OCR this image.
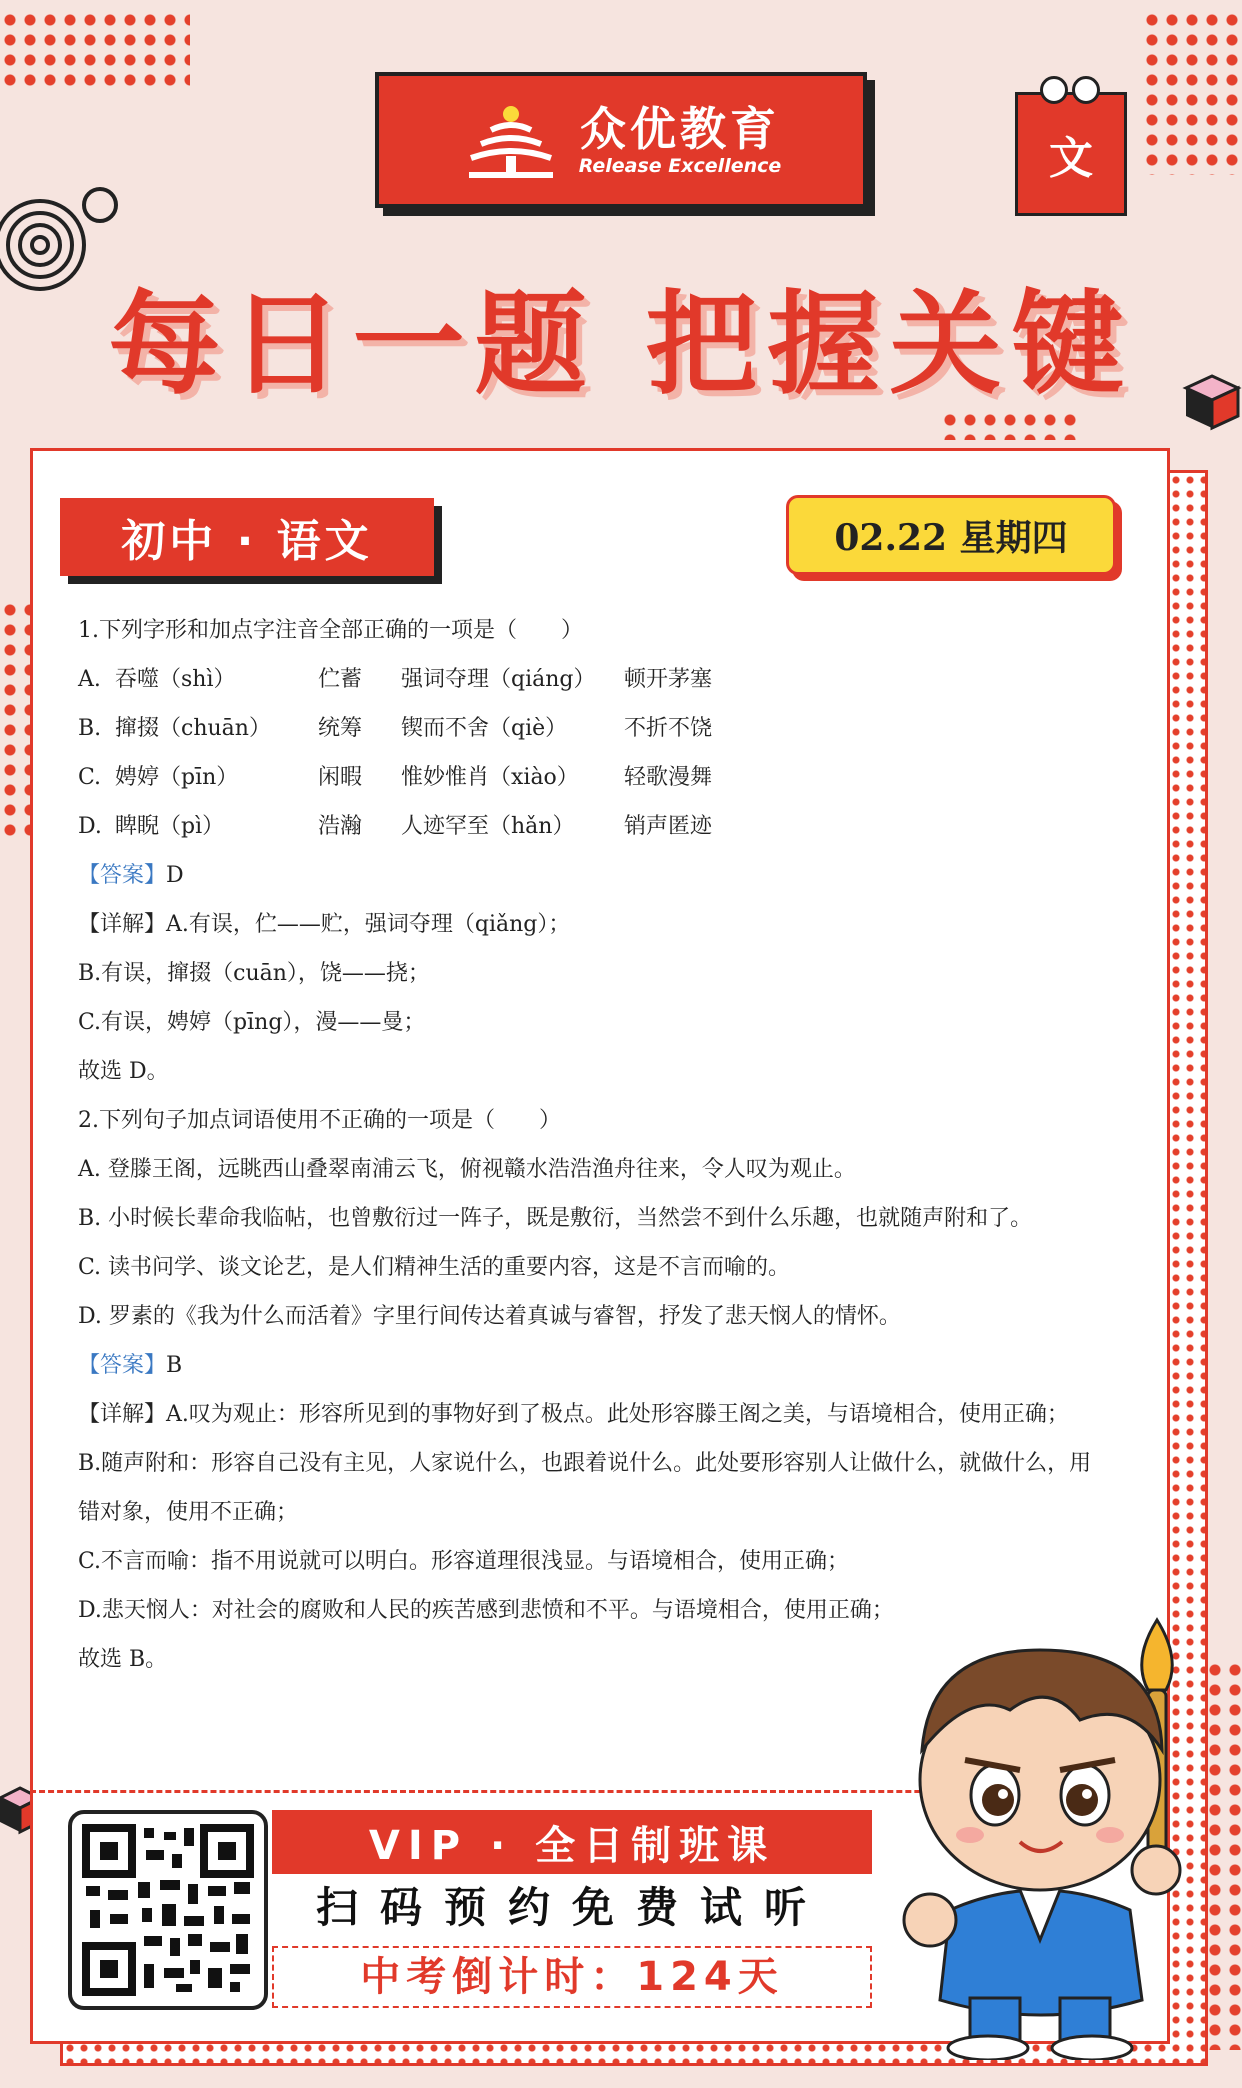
众优教育
Release Excellence	文
每日一题 把握关键
初中 · 语文	02.22 星期四
1.下列字形和加点字注音全部正确的一项是（　　）
A. 吞噬（shì）	伫蓄 强词夺理（qiáng） 顿开茅塞
B. 撺掇（chuān） 统筹 锲而不舍（qiè）	不折不饶
C. 娉婷（pīn）	闲暇 惟妙惟肖（xiào） 轻歌漫舞
D. 睥睨（pì）	浩瀚 人迹罕至（hǎn） 销声匿迹
【答案】D
【详解】A.有误，伫——贮，强词夺理（qiǎng）；
B.有误，撺掇（cuān），饶——挠；
C.有误，娉婷（pīng），漫——曼；
故选 D。
2.下列句子加点词语使用不正确的一项是（　　）
A. 登滕王阁，远眺西山叠翠南浦云飞，俯视赣水浩浩渔舟往来，令人叹为观止。
B. 小时候长辈命我临帖，也曾敷衍过一阵子，既是敷衍，当然尝不到什么乐趣，也就随声附和了。
C. 读书问学、谈文论艺，是人们精神生活的重要内容，这是不言而喻的。
D. 罗素的《我为什么而活着》字里行间传达着真诚与睿智，抒发了悲天悯人的情怀。
【答案】B
【详解】A.叹为观止：形容所见到的事物好到了极点。此处形容滕王阁之美，与语境相合，使用正确；
B.随声附和：形容自己没有主见，人家说什么，也跟着说什么。此处要形容别人让做什么，就做什么，用
错对象，使用不正确；
C.不言而喻：指不用说就可以明白。形容道理很浅显。与语境相合，使用正确；
D.悲天悯人：对社会的腐败和人民的疾苦感到悲愤和不平。与语境相合，使用正确；
故选 B。
VIP · 全日制班课
扫码预约免费试听
中考倒计时：124天
